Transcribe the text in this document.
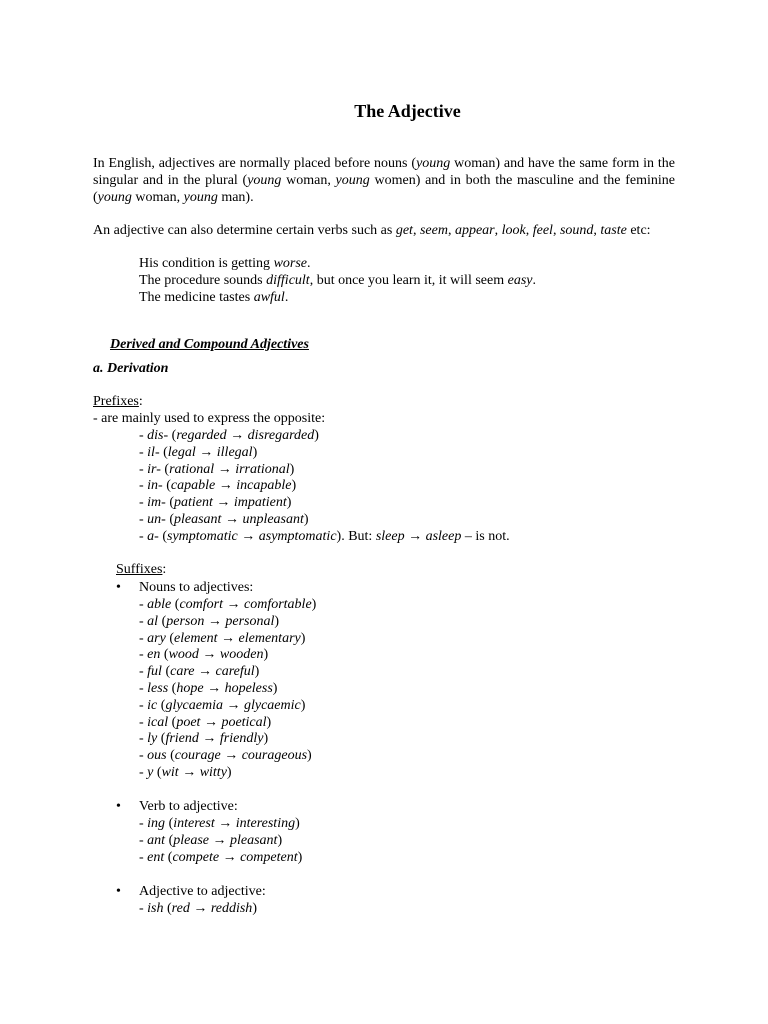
The Adjective
In English, adjectives are normally placed before nouns (young woman) and have the same form in the singular and in the plural (young woman, young women) and in both the masculine and the feminine (young woman, young man).
An adjective can also determine certain verbs such as get, seem, appear, look, feel, sound, taste etc:
His condition is getting worse.
The procedure sounds difficult, but once you learn it, it will seem easy.
The medicine tastes awful.
Derived and Compound Adjectives
a. Derivation
Prefixes:
- are mainly used to express the opposite:
- dis- (regarded → disregarded)
- il- (legal → illegal)
- ir- (rational → irrational)
- in- (capable → incapable)
- im- (patient → impatient)
- un- (pleasant → unpleasant)
- a- (symptomatic → asymptomatic). But: sleep → asleep – is not.
Suffixes:
• Nouns to adjectives:
- able (comfort → comfortable)
- al (person → personal)
- ary (element → elementary)
- en (wood → wooden)
- ful (care → careful)
- less (hope → hopeless)
- ic (glycaemia → glycaemic)
- ical (poet → poetical)
- ly (friend → friendly)
- ous (courage → courageous)
- y (wit → witty)
• Verb to adjective:
- ing (interest → interesting)
- ant (please → pleasant)
- ent (compete → competent)
• Adjective to adjective:
- ish (red → reddish)
